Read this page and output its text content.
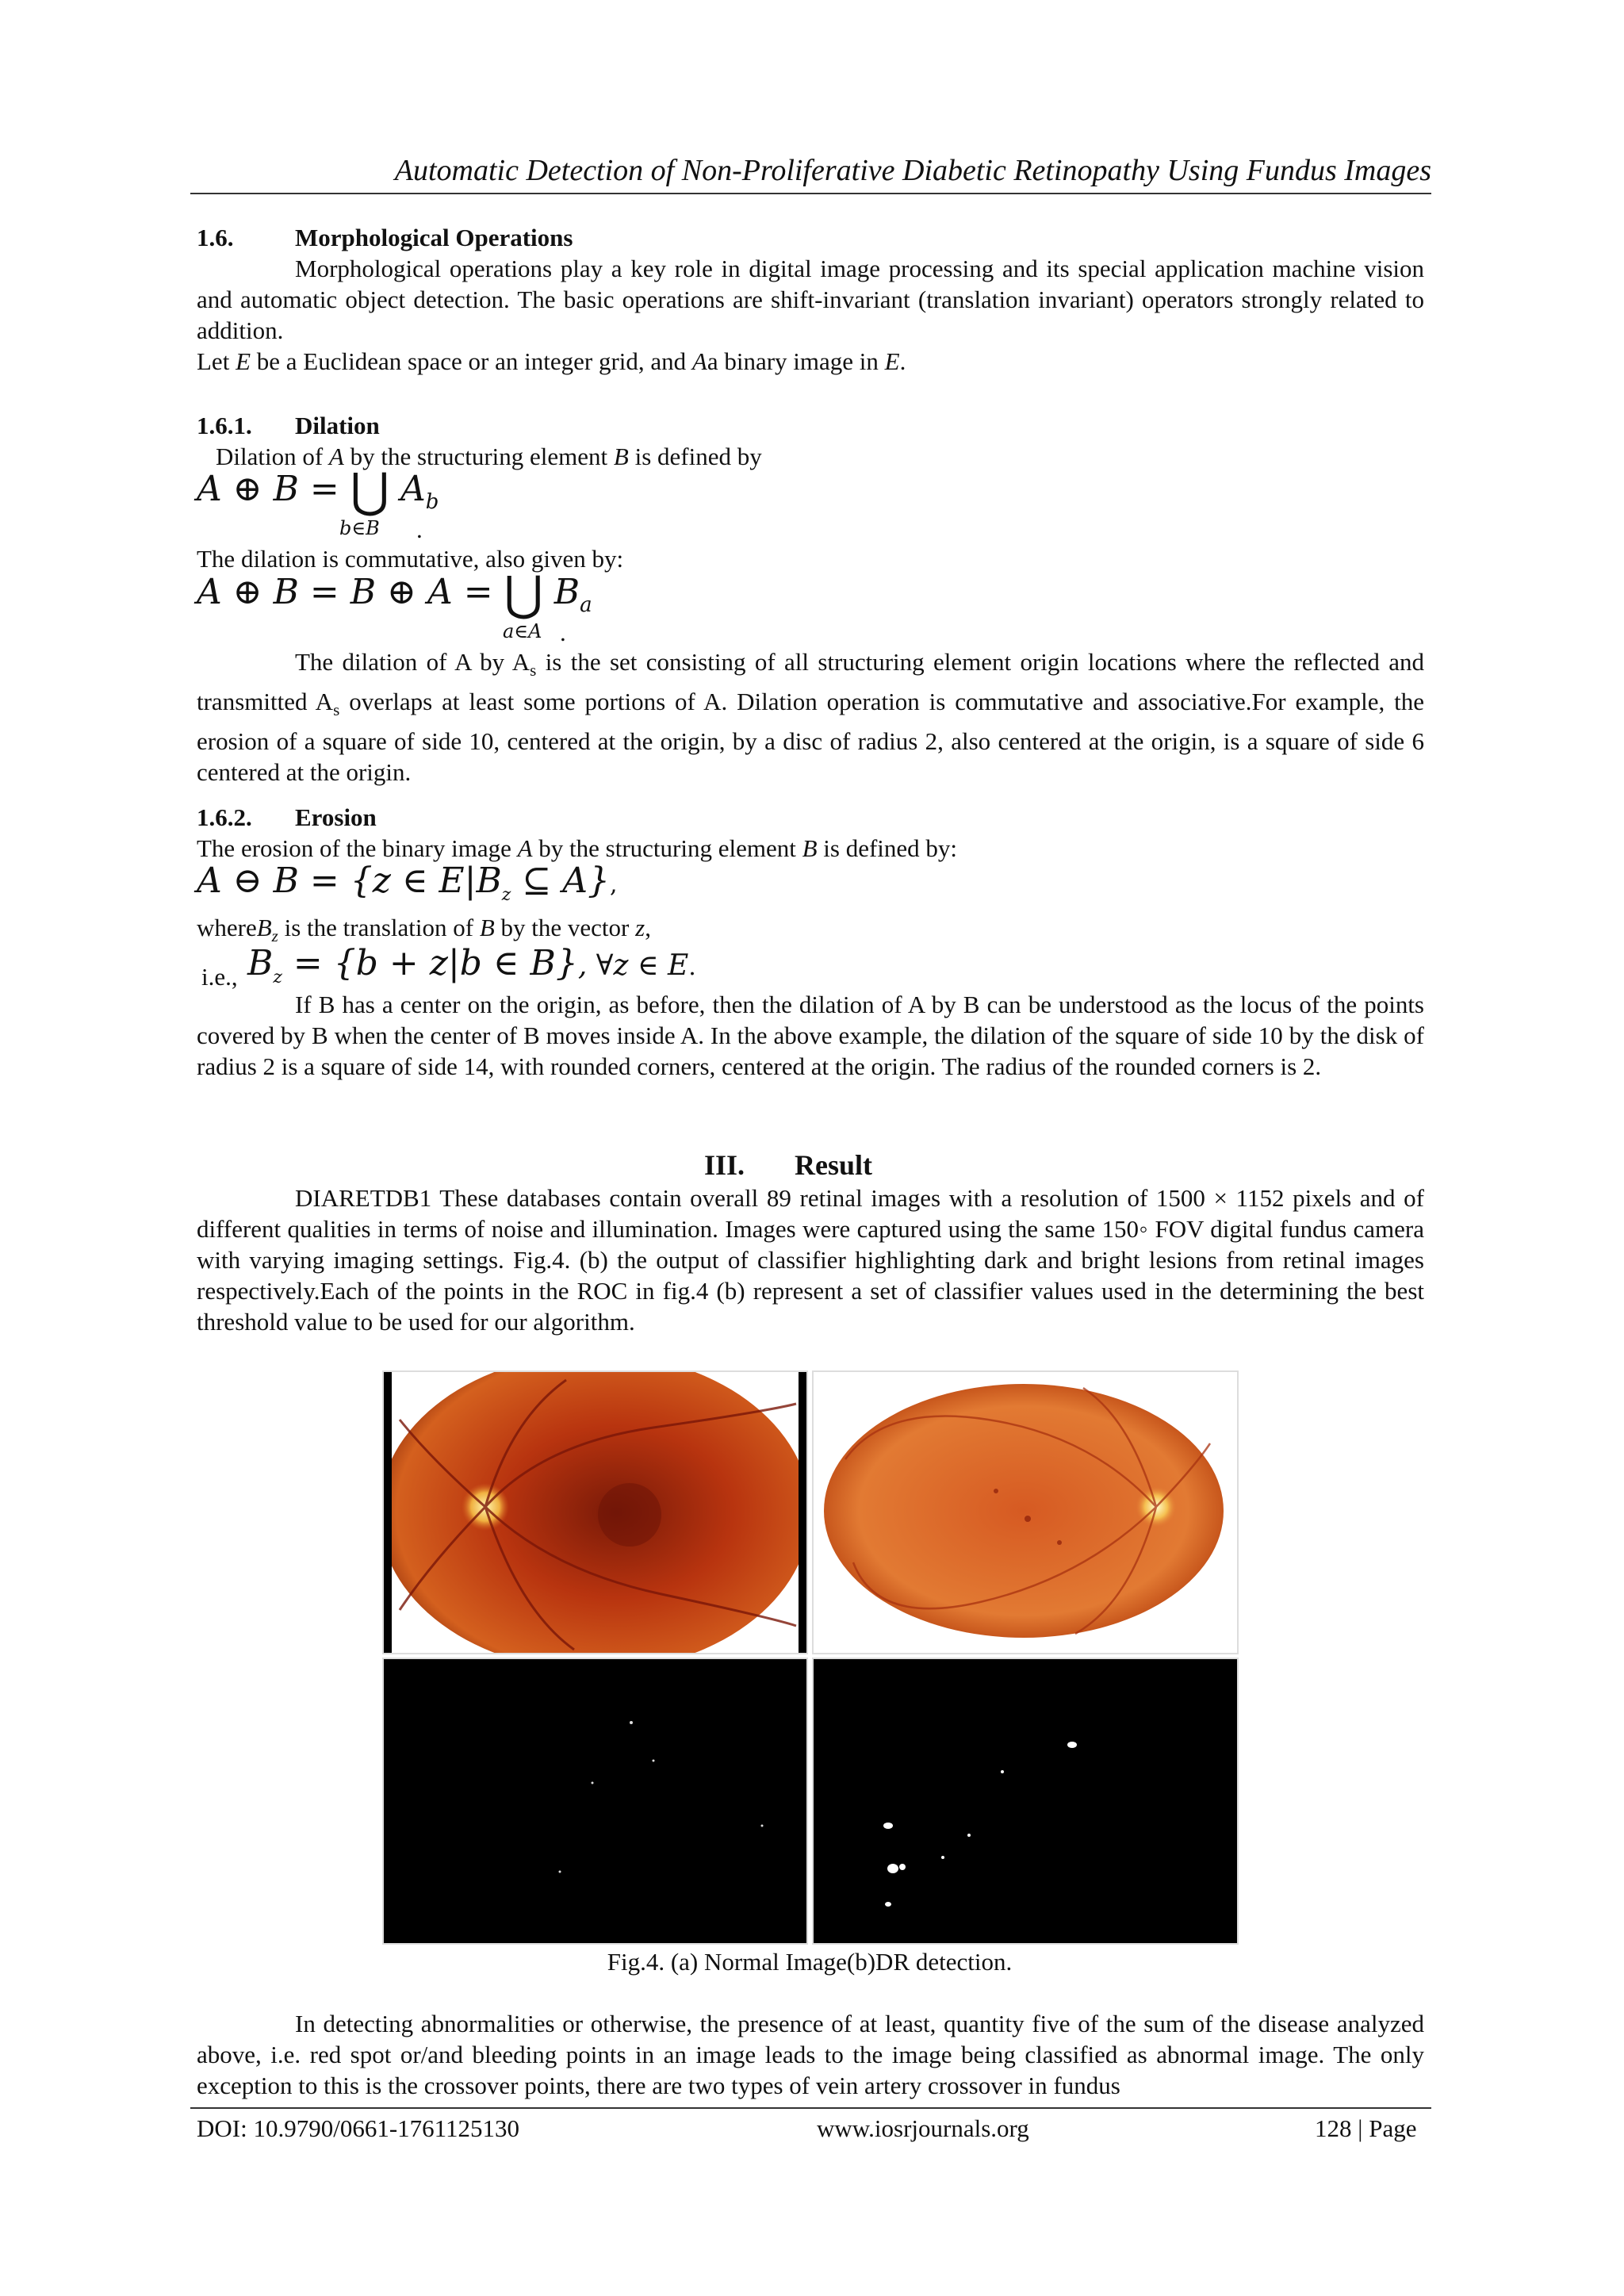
Automatic Detection of Non-Proliferative Diabetic Retinopathy Using Fundus Images
1.6.	Morphological Operations
Morphological operations play a key role in digital image processing and its special application machine vision and automatic object detection. The basic operations are shift-invariant (translation invariant) operators strongly related to addition.
Let E be a Euclidean space or an integer grid, and Aa binary image in E.
1.6.1. Dilation
Dilation of A by the structuring element B is defined by
A ⊕ B = ⋃ $A_b$
b∈B .
The dilation is commutative, also given by:
A ⊕ B = B ⊕ A = ⋃ $B_a$
a∈A .
The dilation of A by $A_s$ is the set consisting of all structuring element origin locations where the reflected and transmitted $A_s$ overlaps at least some portions of A. Dilation operation is commutative and associative.For example, the erosion of a square of side 10, centered at the origin, by a disc of radius 2, also centered at the origin, is a square of side 6 centered at the origin.
1.6.2. Erosion
The erosion of the binary image A by the structuring element B is defined by:
A ⊖ B = {z ∈ $E|B_z$ ⊆ A},
whereB$_z$ is the translation of B by the vector z,
i.e., $B_z = \{b + z|b$ ∈ B}, ∀z ∈ E.
If B has a center on the origin, as before, then the dilation of A by B can be understood as the locus of the points covered by B when the center of B moves inside A. In the above example, the dilation of the square of side 10 by the disk of radius 2 is a square of side 14, with rounded corners, centered at the origin. The radius of the rounded corners is 2.
III. Result
DIARETDB1 These databases contain overall 89 retinal images with a resolution of 1500 × 1152 pixels and of different qualities in terms of noise and illumination. Images were captured using the same 150◦ FOV digital fundus camera with varying imaging settings. Fig.4. (b) the output of classifier highlighting dark and bright lesions from retinal images respectively.Each of the points in the ROC in fig.4 (b) represent a set of classifier values used in the determining the best threshold value to be used for our algorithm.
Fig.4. (a) Normal Image(b)DR detection.
In detecting abnormalities or otherwise, the presence of at least, quantity five of the sum of the disease analyzed above, i.e. red spot or/and bleeding points in an image leads to the image being classified as abnormal image. The only exception to this is the crossover points, there are two types of vein artery crossover in fundus
DOI: 10.9790/0661-1761125130	www.iosrjournals.org	128 | Page
